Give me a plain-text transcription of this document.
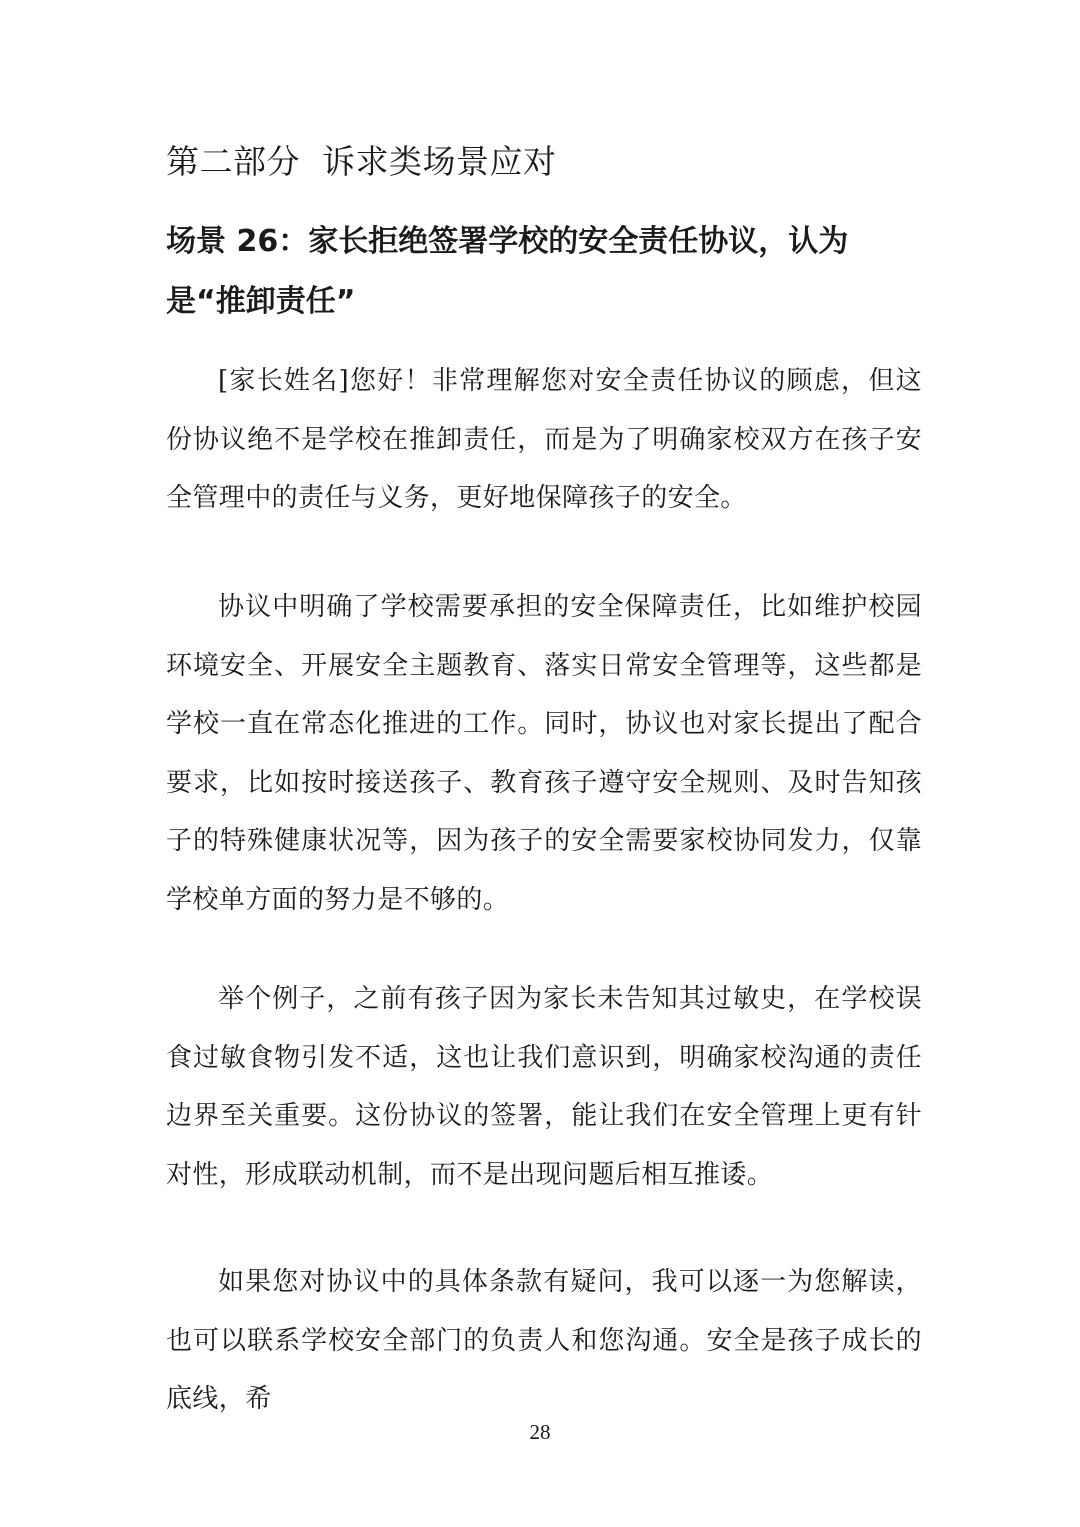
第二部分  诉求类场景应对
场景 26：家长拒绝签署学校的安全责任协议，认为是“推卸责任”

[家长姓名]您好！非常理解您对安全责任协议的顾虑，但这份协议绝不是学校在推卸责任，而是为了明确家校双方在孩子安全管理中的责任与义务，更好地保障孩子的安全。

协议中明确了学校需要承担的安全保障责任，比如维护校园环境安全、开展安全主题教育、落实日常安全管理等，这些都是学校一直在常态化推进的工作。同时，协议也对家长提出了配合要求，比如按时接送孩子、教育孩子遵守安全规则、及时告知孩子的特殊健康状况等，因为孩子的安全需要家校协同发力，仅靠学校单方面的努力是不够的。

举个例子，之前有孩子因为家长未告知其过敏史，在学校误食过敏食物引发不适，这也让我们意识到，明确家校沟通的责任边界至关重要。这份协议的签署，能让我们在安全管理上更有针对性，形成联动机制，而不是出现问题后相互推诿。

如果您对协议中的具体条款有疑问，我可以逐一为您解读，也可以联系学校安全部门的负责人和您沟通。安全是孩子成长的底线，希

28
